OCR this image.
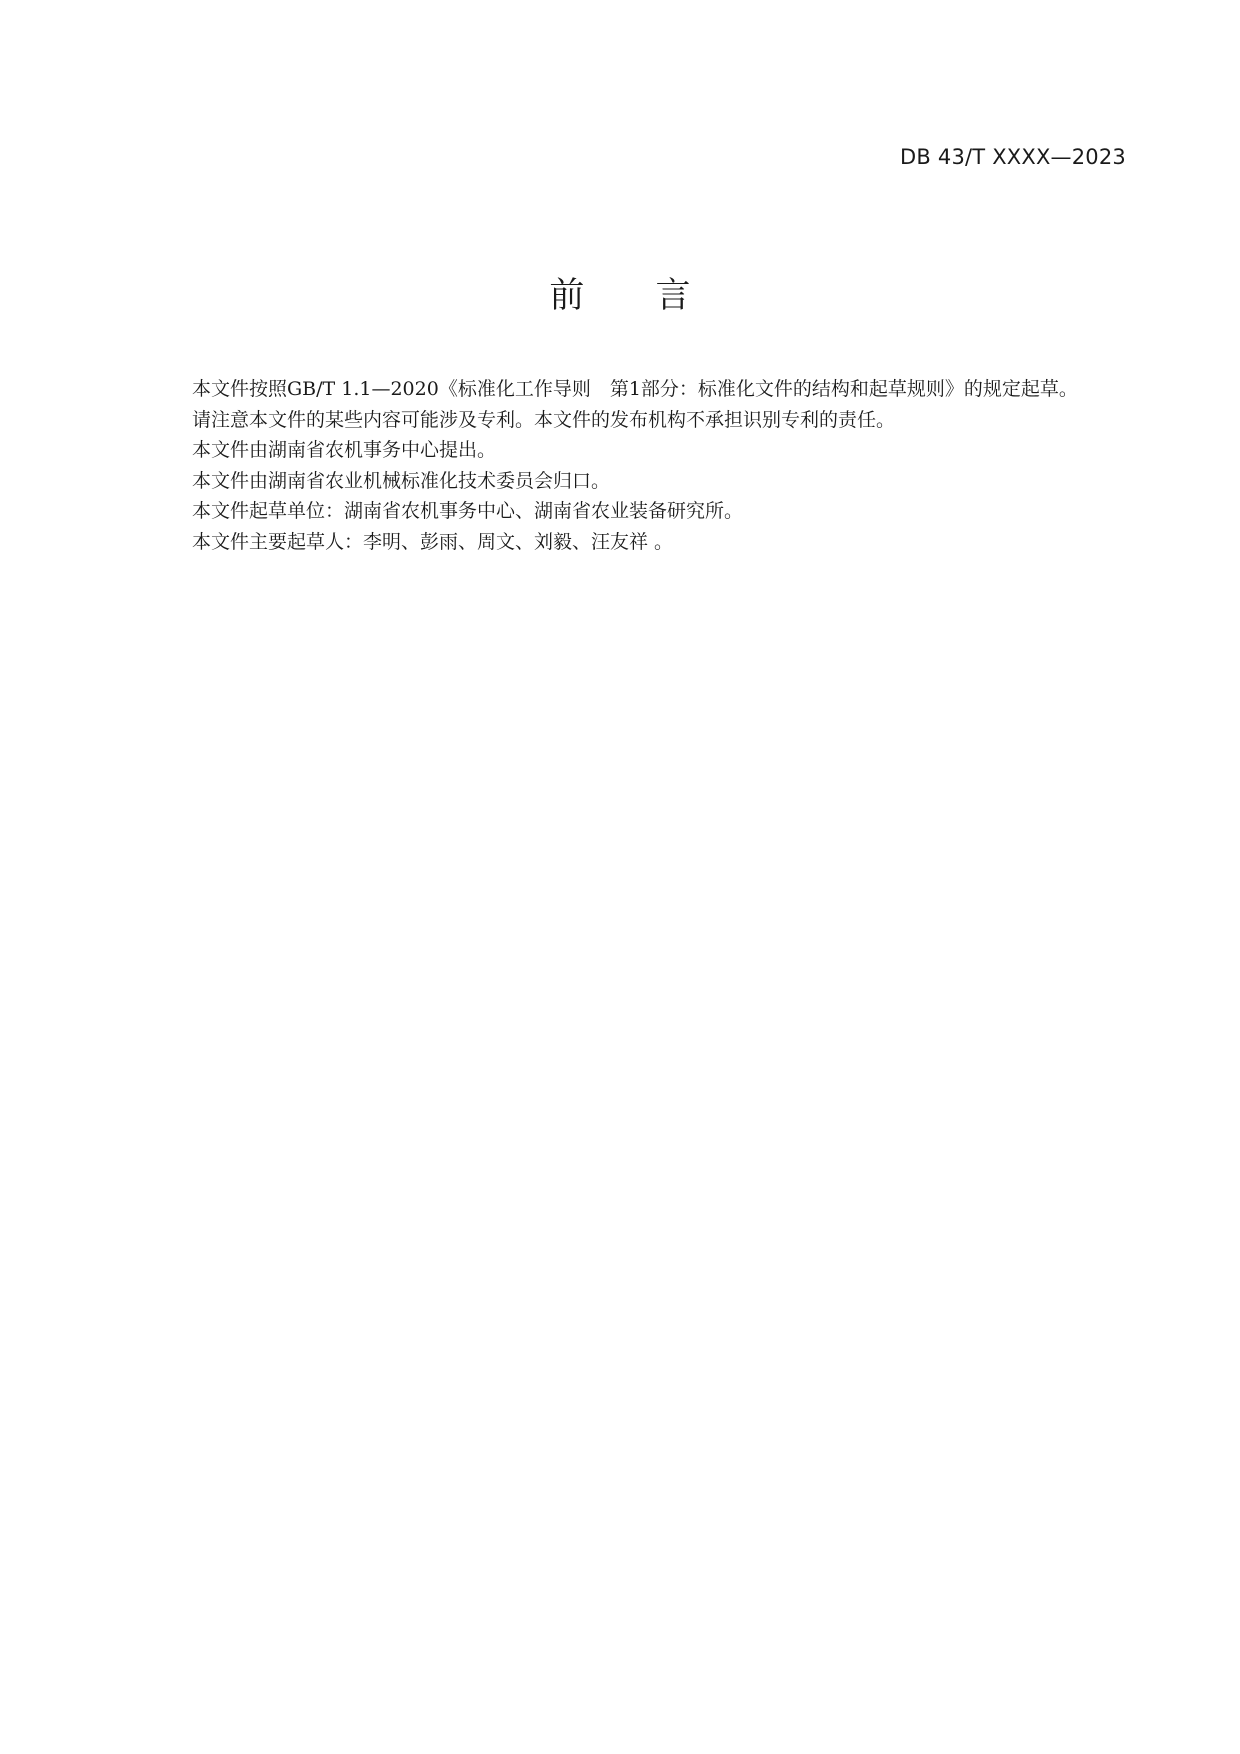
DB 43/T XXXX—2023
前 言

本文件按照GB/T 1.1—2020《标准化工作导则　第1部分：标准化文件的结构和起草规则》的规定起草。

请注意本文件的某些内容可能涉及专利。本文件的发布机构不承担识别专利的责任。

本文件由湖南省农机事务中心提出。

本文件由湖南省农业机械标准化技术委员会归口。

本文件起草单位：湖南省农机事务中心、湖南省农业装备研究所。

本文件主要起草人：李明、彭雨、周文、刘毅、汪友祥 。
